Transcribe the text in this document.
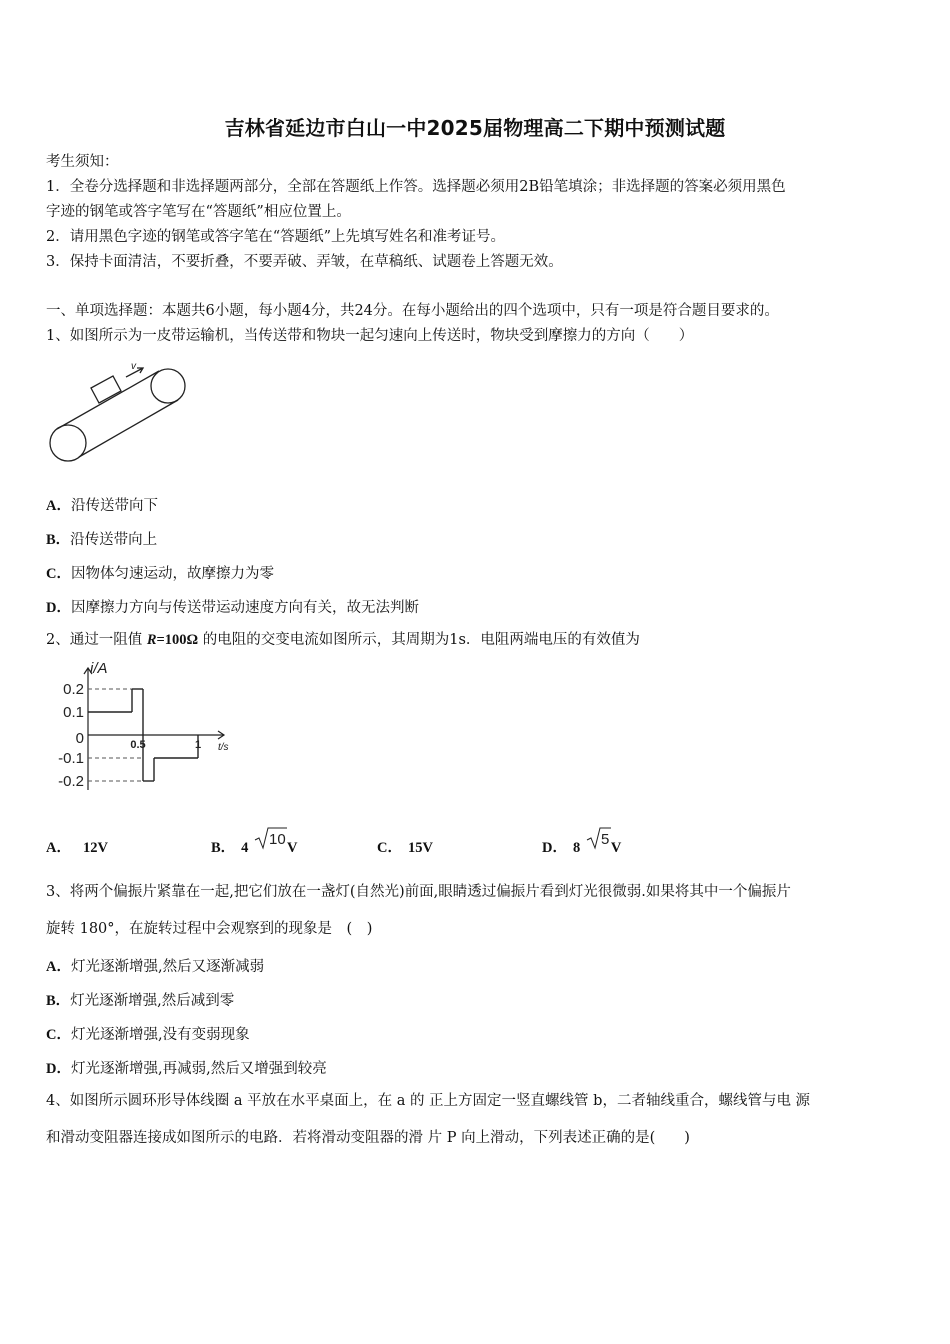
吉林省延边市白山一中2025届物理高二下期中预测试题
考生须知：
1．全卷分选择题和非选择题两部分，全部在答题纸上作答。选择题必须用2B铅笔填涂；非选择题的答案必须用黑色
字迹的钢笔或答字笔写在“答题纸”相应位置上。
2．请用黑色字迹的钢笔或答字笔在“答题纸”上先填写姓名和准考证号。
3．保持卡面清洁，不要折叠，不要弄破、弄皱，在草稿纸、试题卷上答题无效。
一、单项选择题：本题共6小题，每小题4分，共24分。在每小题给出的四个选项中，只有一项是符合题目要求的。
1、如图所示为一皮带运输机，当传送带和物块一起匀速向上传送时，物块受到摩擦力的方向（　　）
v
A．沿传送带向下
B．沿传送带向上
C．因物体匀速运动，故摩擦力为零
D．因摩擦力方向与传送带运动速度方向有关，故无法判断
2、通过一阻值 R=100Ω 的电阻的交变电流如图所示，其周期为1s．电阻两端电压的有效值为
i/A
t/s
0.2
0.1
0
-0.1
-0.2
0.5	1
A． 12V	B． 4 10 V	C． 15V	D． 8 5 V
3、将两个偏振片紧靠在一起,把它们放在一盏灯(自然光)前面,眼睛透过偏振片看到灯光很微弱.如果将其中一个偏振片
旋转 180°，在旋转过程中会观察到的现象是　(　)
A．灯光逐渐增强,然后又逐渐减弱
B．灯光逐渐增强,然后减到零
C．灯光逐渐增强,没有变弱现象
D．灯光逐渐增强,再减弱,然后又增强到较亮
4、如图所示圆环形导体线圈 a 平放在水平桌面上，在 a 的 正上方固定一竖直螺线管 b，二者轴线重合，螺线管与电 源
和滑动变阻器连接成如图所示的电路．若将滑动变阻器的滑 片 P 向上滑动，下列表述正确的是(　　)
